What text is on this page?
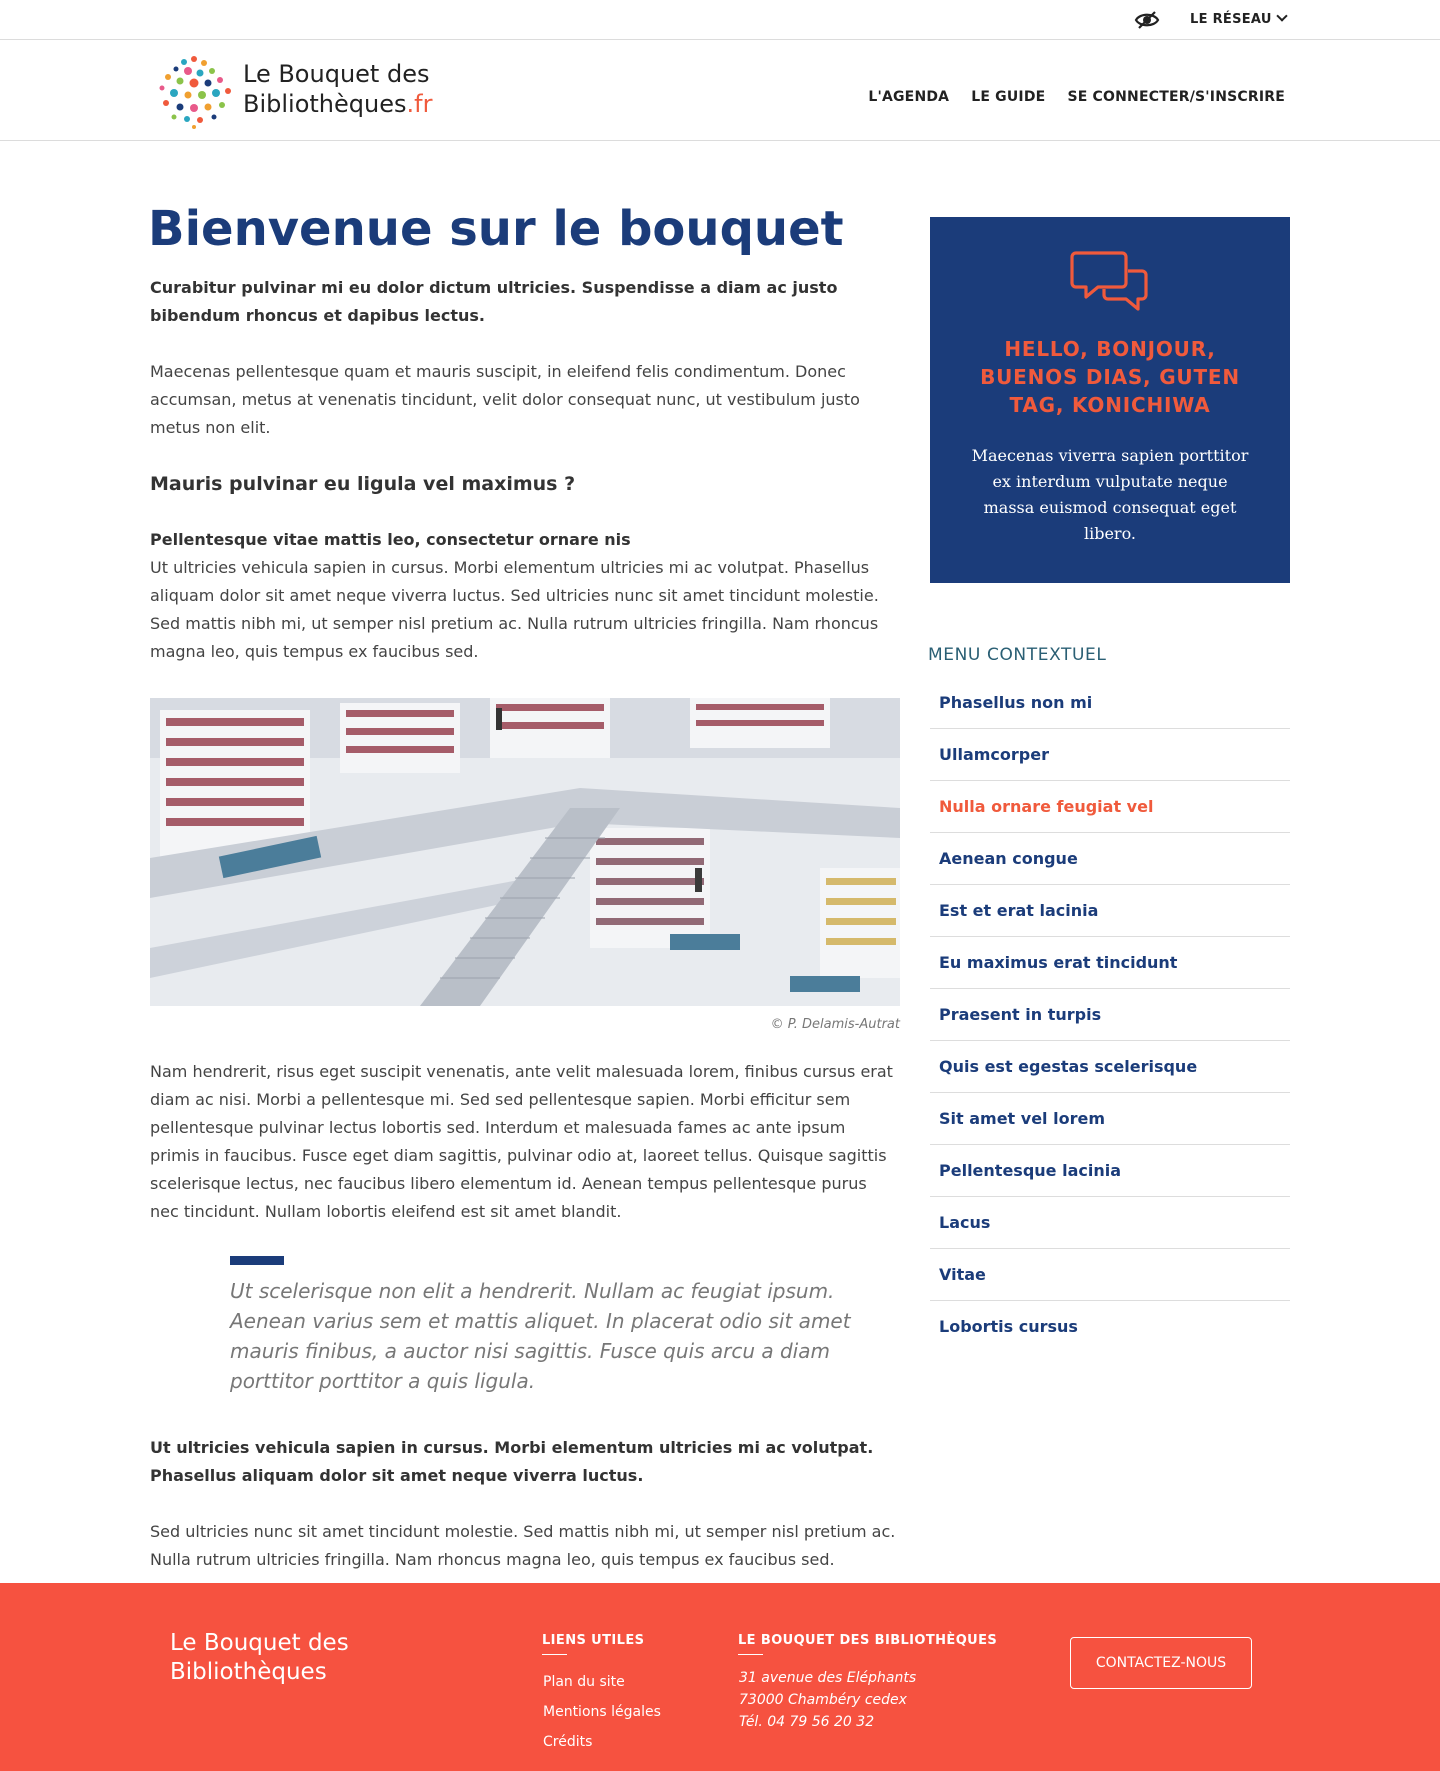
LE RÉSEAU
Le Bouquet des
Bibliothèques.fr	L'AGENDA LE GUIDE SE CONNECTER/S'INSCRIRE
Bienvenue sur le bouquet

Curabitur pulvinar mi eu dolor dictum ultricies. Suspendisse a diam ac justo bibendum rhoncus et dapibus lectus.

Maecenas pellentesque quam et mauris suscipit, in eleifend felis condimentum. Donec accumsan, metus at venenatis tincidunt, velit dolor consequat nunc, ut vestibulum justo metus non elit.

Mauris pulvinar eu ligula vel maximus ?

Pellentesque vitae mattis leo, consectetur ornare nis

Ut ultricies vehicula sapien in cursus. Morbi elementum ultricies mi ac volutpat. Phasellus aliquam dolor sit amet neque viverra luctus. Sed ultricies nunc sit amet tincidunt molestie. Sed mattis nibh mi, ut semper nisl pretium ac. Nulla rutrum ultricies fringilla. Nam rhoncus magna leo, quis tempus ex faucibus sed.

© P. Delamis-Autrat

Nam hendrerit, risus eget suscipit venenatis, ante velit malesuada lorem, finibus cursus erat diam ac nisi. Morbi a pellentesque mi. Sed sed pellentesque sapien. Morbi efficitur sem pellentesque pulvinar lectus lobortis sed. Interdum et malesuada fames ac ante ipsum primis in faucibus. Fusce eget diam sagittis, pulvinar odio at, laoreet tellus. Quisque sagittis scelerisque lectus, nec faucibus libero elementum id. Aenean tempus pellentesque purus nec tincidunt. Nullam lobortis eleifend est sit amet blandit.

Ut scelerisque non elit a hendrerit. Nullam ac feugiat ipsum. Aenean varius sem et mattis aliquet. In placerat odio sit amet mauris finibus, a auctor nisi sagittis. Fusce quis arcu a diam porttitor porttitor a quis ligula.

Ut ultricies vehicula sapien in cursus. Morbi elementum ultricies mi ac volutpat. Phasellus aliquam dolor sit amet neque viverra luctus.

Sed ultricies nunc sit amet tincidunt molestie. Sed mattis nibh mi, ut semper nisl pretium ac. Nulla rutrum ultricies fringilla. Nam rhoncus magna leo, quis tempus ex faucibus sed.

HELLO, BONJOUR, BUENOS DIAS, GUTEN TAG, KONICHIWA
Maecenas viverra sapien porttitor ex interdum vulputate neque massa euismod consequat eget libero.
MENU CONTEXTUEL
Phasellus non mi
Ullamcorper
Nulla ornare feugiat vel
Aenean congue
Est et erat lacinia
Eu maximus erat tincidunt
Praesent in turpis
Quis est egestas scelerisque
Sit amet vel lorem
Pellentesque lacinia
Lacus
Vitae
Lobortis cursus
Le Bouquet des
Bibliothèques
LIENS UTILES
Plan du site
Mentions légales
Crédits
LE BOUQUET DES BIBLIOTHÈQUES
31 avenue des Eléphants
73000 Chambéry cedex
Tél. 04 79 56 20 32
CONTACTEZ-NOUS
